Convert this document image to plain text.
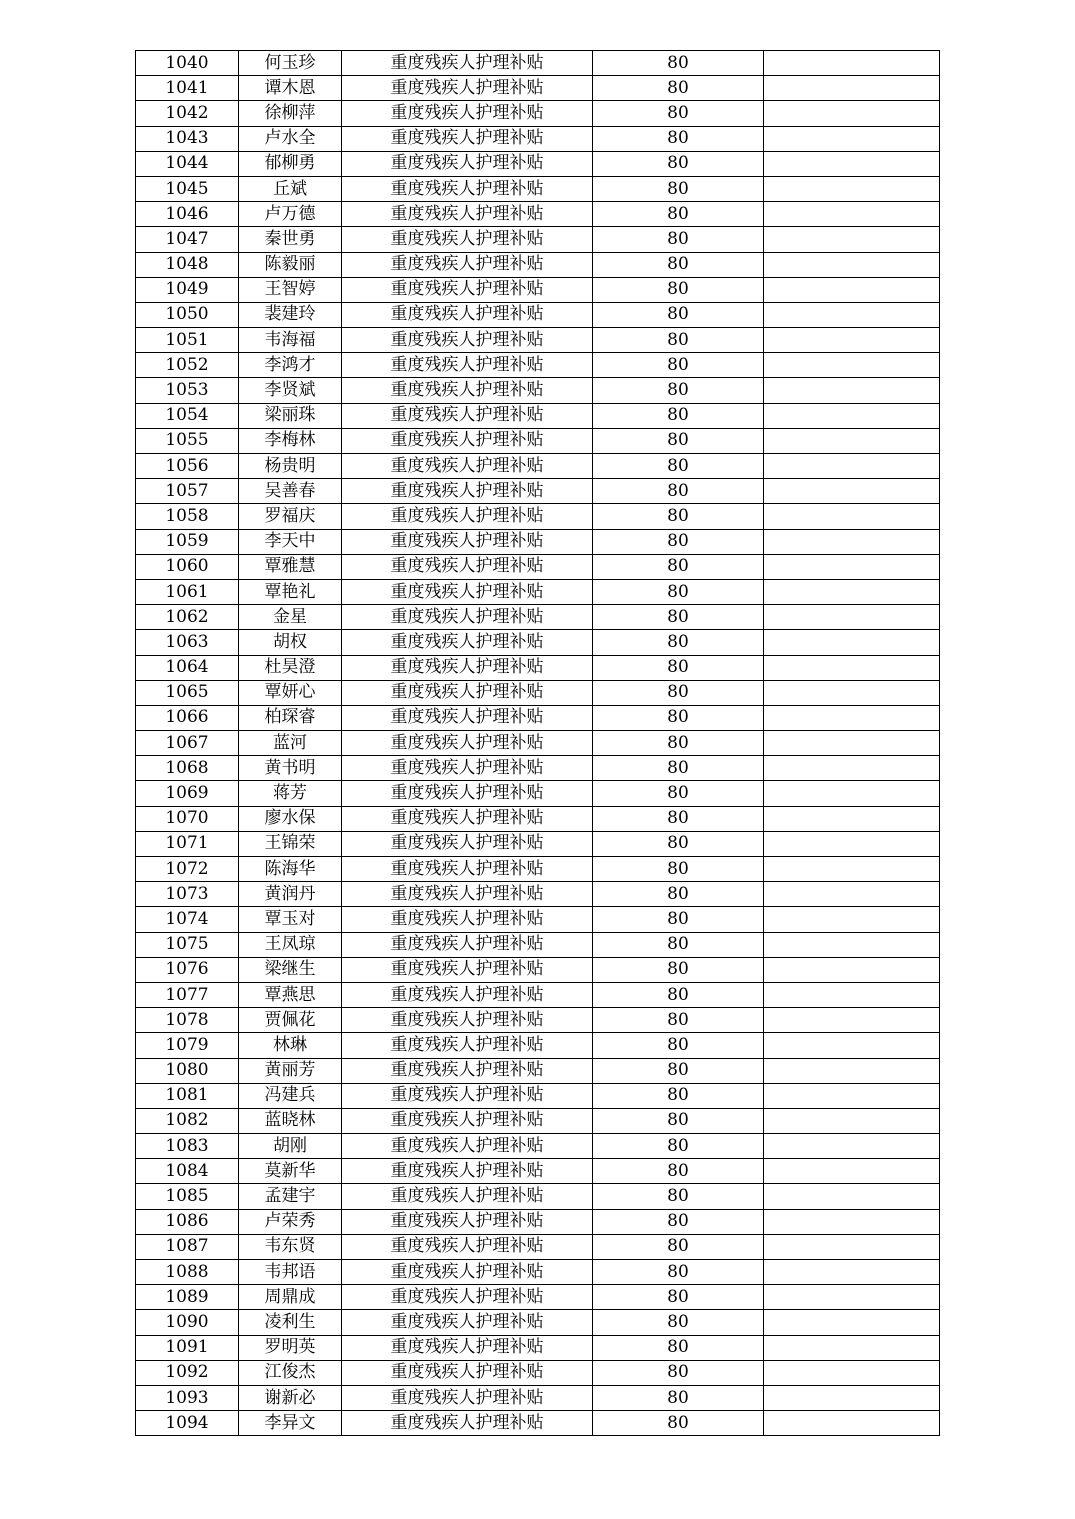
1040	何玉珍	重度残疾人护理补贴	80	
1041	谭木恩	重度残疾人护理补贴	80	
1042	徐柳萍	重度残疾人护理补贴	80	
1043	卢水全	重度残疾人护理补贴	80	
1044	郁柳勇	重度残疾人护理补贴	80	
1045	丘斌	重度残疾人护理补贴	80	
1046	卢万德	重度残疾人护理补贴	80	
1047	秦世勇	重度残疾人护理补贴	80	
1048	陈毅丽	重度残疾人护理补贴	80	
1049	王智婷	重度残疾人护理补贴	80	
1050	裴建玲	重度残疾人护理补贴	80	
1051	韦海福	重度残疾人护理补贴	80	
1052	李鸿才	重度残疾人护理补贴	80	
1053	李贤斌	重度残疾人护理补贴	80	
1054	梁丽珠	重度残疾人护理补贴	80	
1055	李梅林	重度残疾人护理补贴	80	
1056	杨贵明	重度残疾人护理补贴	80	
1057	吴善春	重度残疾人护理补贴	80	
1058	罗福庆	重度残疾人护理补贴	80	
1059	李天中	重度残疾人护理补贴	80	
1060	覃雅慧	重度残疾人护理补贴	80	
1061	覃艳礼	重度残疾人护理补贴	80	
1062	金星	重度残疾人护理补贴	80	
1063	胡权	重度残疾人护理补贴	80	
1064	杜昊澄	重度残疾人护理补贴	80	
1065	覃妍心	重度残疾人护理补贴	80	
1066	柏琛睿	重度残疾人护理补贴	80	
1067	蓝河	重度残疾人护理补贴	80	
1068	黄书明	重度残疾人护理补贴	80	
1069	蒋芳	重度残疾人护理补贴	80	
1070	廖水保	重度残疾人护理补贴	80	
1071	王锦荣	重度残疾人护理补贴	80	
1072	陈海华	重度残疾人护理补贴	80	
1073	黄润丹	重度残疾人护理补贴	80	
1074	覃玉对	重度残疾人护理补贴	80	
1075	王凤琼	重度残疾人护理补贴	80	
1076	梁继生	重度残疾人护理补贴	80	
1077	覃燕思	重度残疾人护理补贴	80	
1078	贾佩花	重度残疾人护理补贴	80	
1079	林琳	重度残疾人护理补贴	80	
1080	黄丽芳	重度残疾人护理补贴	80	
1081	冯建兵	重度残疾人护理补贴	80	
1082	蓝晓林	重度残疾人护理补贴	80	
1083	胡刚	重度残疾人护理补贴	80	
1084	莫新华	重度残疾人护理补贴	80	
1085	孟建宇	重度残疾人护理补贴	80	
1086	卢荣秀	重度残疾人护理补贴	80	
1087	韦东贤	重度残疾人护理补贴	80	
1088	韦邦语	重度残疾人护理补贴	80	
1089	周鼎成	重度残疾人护理补贴	80	
1090	凌利生	重度残疾人护理补贴	80	
1091	罗明英	重度残疾人护理补贴	80	
1092	江俊杰	重度残疾人护理补贴	80	
1093	谢新必	重度残疾人护理补贴	80	
1094	李异文	重度残疾人护理补贴	80	
